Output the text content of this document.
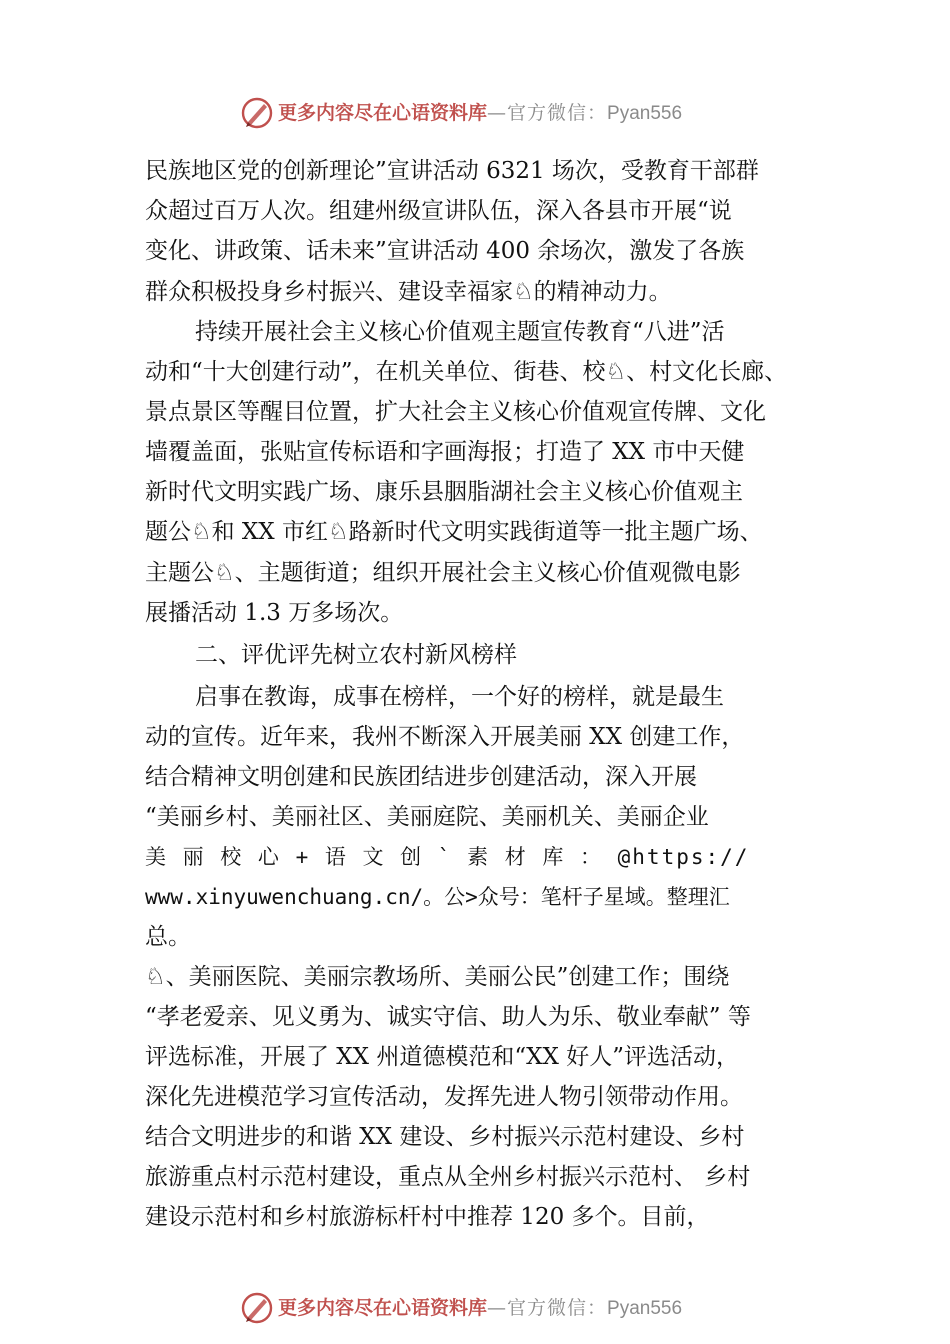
更多内容尽在心语资料库—官方微信：Pyan556
民族地区党的创新理论”宣讲活动 6321 场次，受教育干部群
众超过百万人次。组建州级宣讲队伍，深入各县市开展“说
变化、讲政策、话未来”宣讲活动 400 余场次，激发了各族
群众积极投身乡村振兴、建设幸福家♘的精神动力。
持续开展社会主义核心价值观主题宣传教育“八进”活
动和“十大创建行动”，在机关单位、街巷、校♘、村文化长廊、
景点景区等醒目位置，扩大社会主义核心价值观宣传牌、文化
墙覆盖面，张贴宣传标语和字画海报；打造了 XX 市中天健
新时代文明实践广场、康乐县胭脂湖社会主义核心价值观主
题公♘和 XX 市红♘路新时代文明实践街道等一批主题广场、
主题公♘、主题街道；组织开展社会主义核心价值观微电影
展播活动 1.3 万多场次。
二、评优评先树立农村新风榜样
启事在教诲，成事在榜样，一个好的榜样，就是最生
动的宣传。近年来，我州不断深入开展美丽 XX 创建工作，
结合精神文明创建和民族团结进步创建活动，深入开展
“美丽乡村、美丽社区、美丽庭院、美丽机关、美丽企业
美 丽 校 心 + 语 文 创 ` 素 材 库 ： @https://
www.xinyuwenchuang.cn/。公>众号：笔杆子星域。整理汇
总。
♘、美丽医院、美丽宗教场所、美丽公民”创建工作；围绕
“孝老爱亲、见义勇为、诚实守信、助人为乐、敬业奉献” 等
评选标准，开展了 XX 州道德模范和“XX 好人”评选活动，
深化先进模范学习宣传活动，发挥先进人物引领带动作用。
结合文明进步的和谐 XX 建设、乡村振兴示范村建设、乡村
旅游重点村示范村建设，重点从全州乡村振兴示范村、 乡村
建设示范村和乡村旅游标杆村中推荐 120 多个。目前，
更多内容尽在心语资料库—官方微信：Pyan556
